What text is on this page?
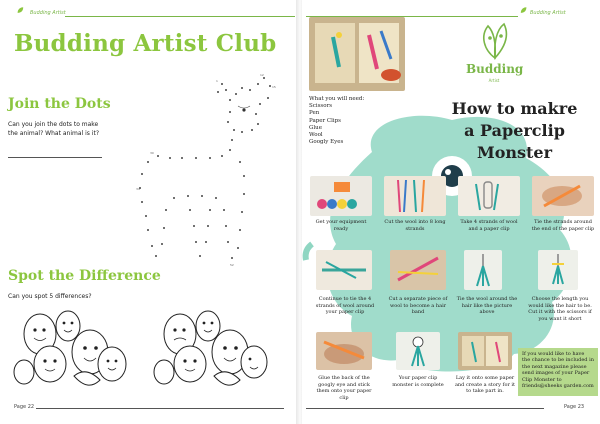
Budding Artist
Budding Artist Club
Join the Dots
Can you join the dots to make
the animal? What animal is it?
1
12
15
30
34
52
Spot the Difference
Can you spot 5 differences?
Page 22
Budding Artist
Budding
Artist
What you will need:
Scissors
Pen
Paper Clips
Glue
Wool
Googly Eyes
How to makre
a Paperclip Monster
Get your equipment ready
Cut the wool into 8 long strands
Take 4 strands of wool and a paper clip
Tie the strands around the end of the paper clip
Continue to tie the 4 strands of wool around your paper clip
Cut a separate piece of wool to become a hair band
Tie the wool around the hair like the picture above
Choose the length you would like the hair to be. Cut it with the scissors if you want it short
Glue the back of the googly eye and stick them onto your paper clip
Your paper clip monster is complete
Lay it onto some paper and create a story for it to take part in.
If you would like to have the chance to be included in the next magazine please send images of your Paper Clip Monster to friends@sheeks garden.com
Page 23
